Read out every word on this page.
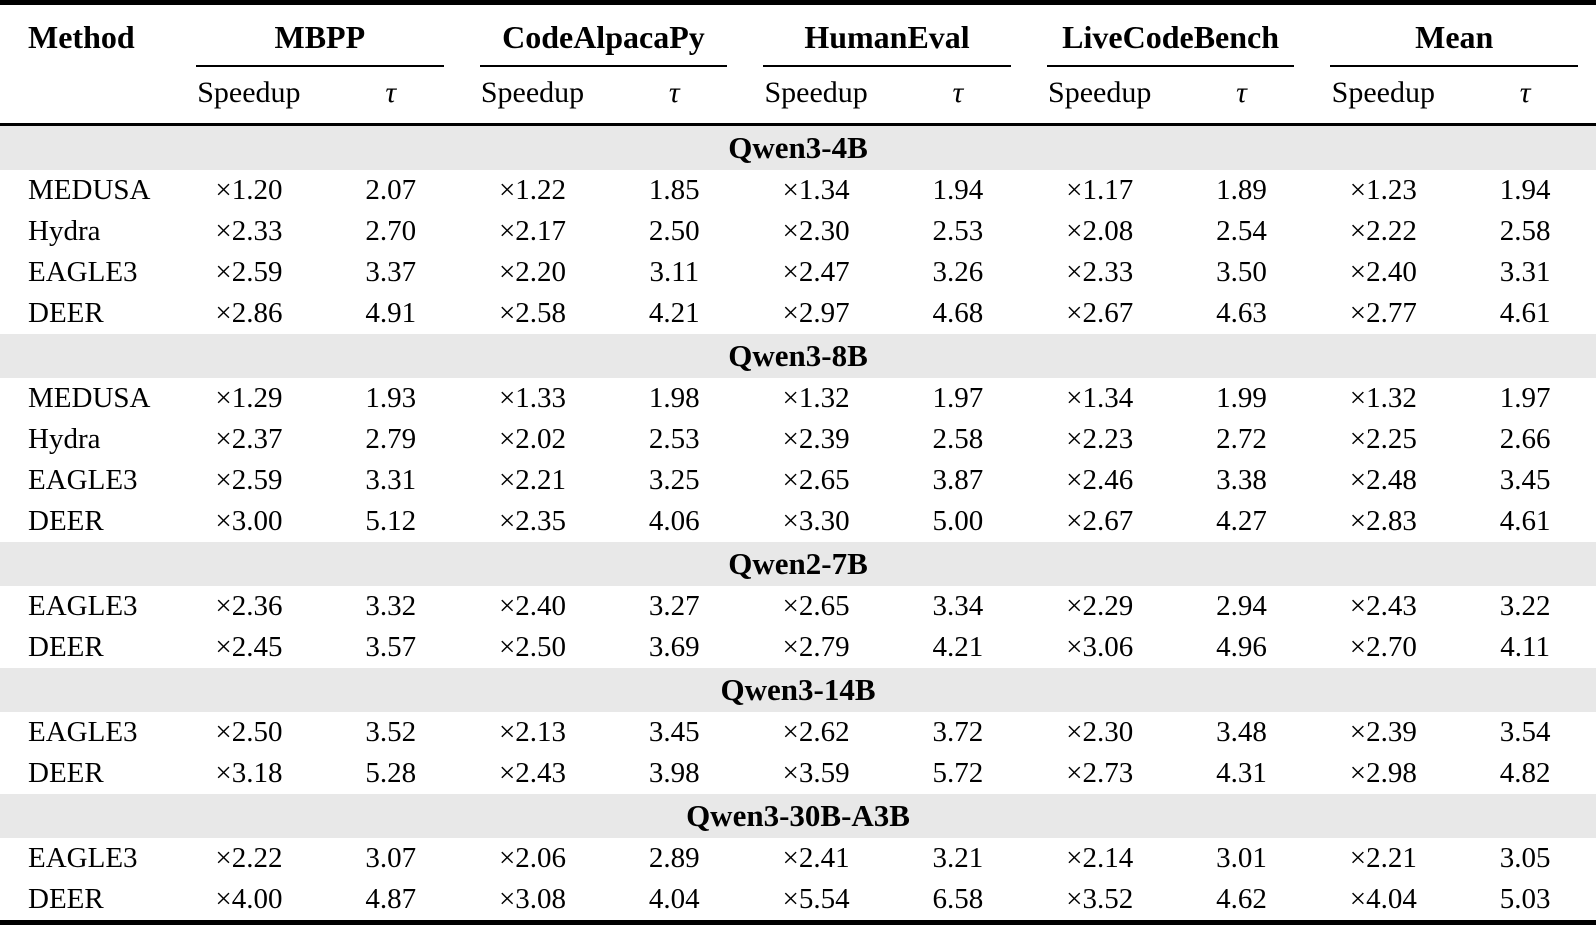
Method	MBPP		CodeAlpacaPy		HumanEval		LiveCodeBench		Mean	

	Speedup	τ	Speedup	τ	Speedup	τ	Speedup	τ	Speedup	τ
Qwen3-4B										
MEDUSA	×1.20	2.07	×1.22	1.85	×1.34	1.94	×1.17	1.89	×1.23	1.94
Hydra	×2.33	2.70	×2.17	2.50	×2.30	2.53	×2.08	2.54	×2.22	2.58
EAGLE3	×2.59	3.37	×2.20	3.11	×2.47	3.26	×2.33	3.50	×2.40	3.31
DEER	×2.86	4.91	×2.58	4.21	×2.97	4.68	×2.67	4.63	×2.77	4.61
Qwen3-8B										
MEDUSA	×1.29	1.93	×1.33	1.98	×1.32	1.97	×1.34	1.99	×1.32	1.97
Hydra	×2.37	2.79	×2.02	2.53	×2.39	2.58	×2.23	2.72	×2.25	2.66
EAGLE3	×2.59	3.31	×2.21	3.25	×2.65	3.87	×2.46	3.38	×2.48	3.45
DEER	×3.00	5.12	×2.35	4.06	×3.30	5.00	×2.67	4.27	×2.83	4.61
Qwen2-7B										
EAGLE3	×2.36	3.32	×2.40	3.27	×2.65	3.34	×2.29	2.94	×2.43	3.22
DEER	×2.45	3.57	×2.50	3.69	×2.79	4.21	×3.06	4.96	×2.70	4.11
Qwen3-14B										
EAGLE3	×2.50	3.52	×2.13	3.45	×2.62	3.72	×2.30	3.48	×2.39	3.54
DEER	×3.18	5.28	×2.43	3.98	×3.59	5.72	×2.73	4.31	×2.98	4.82
Qwen3-30B-A3B										
EAGLE3	×2.22	3.07	×2.06	2.89	×2.41	3.21	×2.14	3.01	×2.21	3.05
DEER	×4.00	4.87	×3.08	4.04	×5.54	6.58	×3.52	4.62	×4.04	5.03
